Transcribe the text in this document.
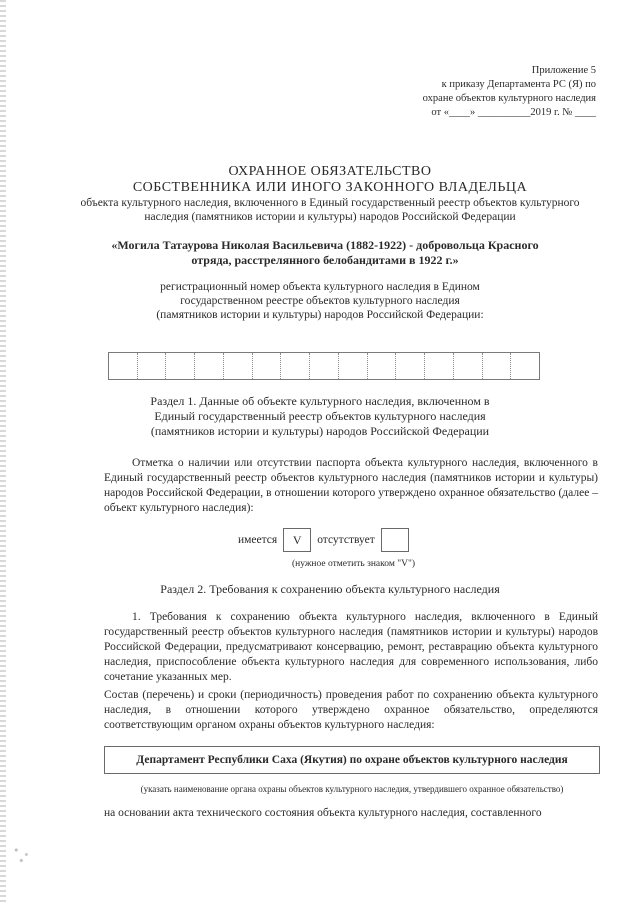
Приложение 5
к приказу Департамента РС (Я) по
охране объектов культурного наследия
от «____» __________2019 г. № ____
ОХРАННОЕ ОБЯЗАТЕЛЬСТВО
СОБСТВЕННИКА ИЛИ ИНОГО ЗАКОННОГО ВЛАДЕЛЬЦА
объекта культурного наследия, включенного в Единый государственный реестр объектов культурного наследия (памятников истории и культуры) народов Российской Федерации
«Могила Татаурова Николая Васильевича (1882-1922) - добровольца Красного отряда, расстрелянного белобандитами в 1922 г.»
регистрационный номер объекта культурного наследия в Едином государственном реестре объектов культурного наследия (памятников истории и культуры) народов Российской Федерации:
Раздел 1. Данные об объекте культурного наследия, включенном в Единый государственный реестр объектов культурного наследия (памятников истории и культуры) народов Российской Федерации
Отметка о наличии или отсутствии паспорта объекта культурного наследия, включенного в Единый государственный реестр объектов культурного наследия (памятников истории и культуры) народов Российской Федерации, в отношении которого утверждено охранное обязательство (далее – объект культурного наследия):
имеется	V	отсутствует
(нужное отметить знаком "V")
Раздел 2. Требования к сохранению объекта культурного наследия
1. Требования к сохранению объекта культурного наследия, включенного в Единый государственный реестр объектов культурного наследия (памятников истории и культуры) народов Российской Федерации, предусматривают консервацию, ремонт, реставрацию объекта культурного наследия, приспособление объекта культурного наследия для современного использования, либо сочетание указанных мер.
Состав (перечень) и сроки (периодичность) проведения работ по сохранению объекта культурного наследия, в отношении которого утверждено охранное обязательство, определяются соответствующим органом охраны объектов культурного наследия:
Департамент Республики Саха (Якутия) по охране объектов культурного наследия
(указать наименование органа охраны объектов культурного наследия, утвердившего охранное обязательство)
на основании акта технического состояния объекта культурного наследия, составленного
